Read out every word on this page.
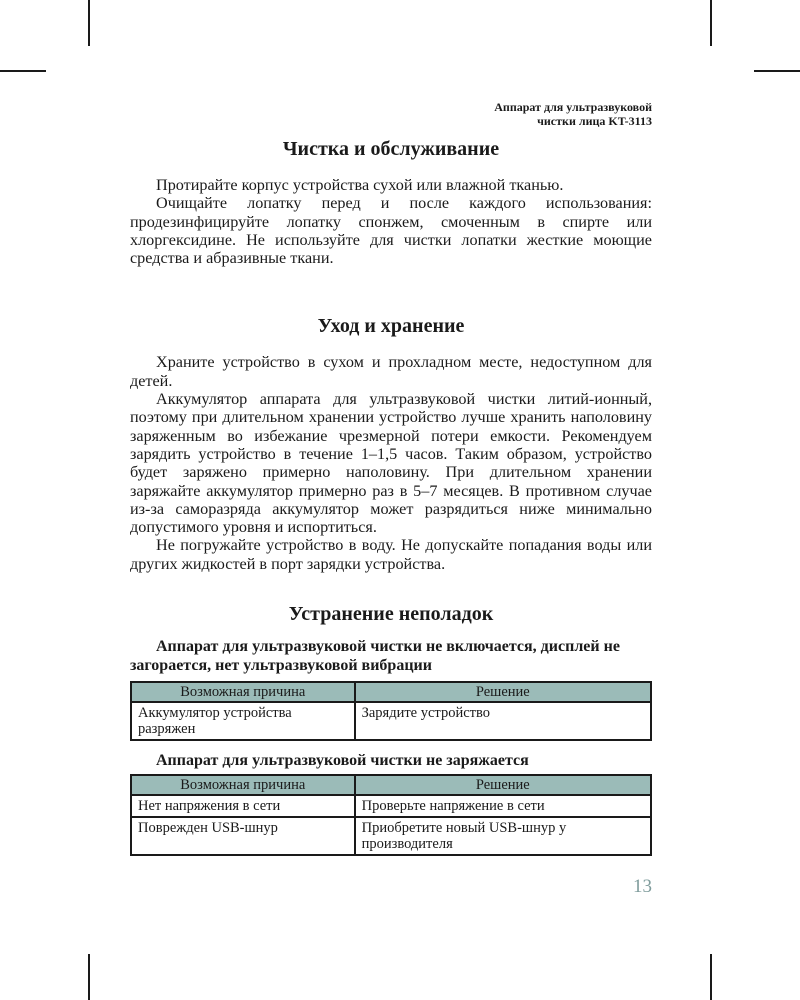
Аппарат для ультразвуковой
чистки лица KT-3113
Чистка и обслуживание

Протирайте корпус устройства сухой или влажной тканью.

Очищайте лопатку перед и после каждого использования: продезинфицируйте лопатку спонжем, смоченным в спирте или хлоргексидине. Не используйте для чистки лопатки жесткие моющие средства и абразивные ткани.

Уход и хранение

Храните устройство в сухом и прохладном месте, недоступном для детей.

Аккумулятор аппарата для ультразвуковой чистки литий-ионный, поэтому при длительном хранении устройство лучше хранить наполовину заряженным во избежание чрезмерной потери емкости. Рекомендуем зарядить устройство в течение 1–1,5 часов. Таким образом, устройство будет заряжено примерно наполовину. При длительном хранении заряжайте аккумулятор примерно раз в 5–7 месяцев. В противном случае из-за саморазряда аккумулятор может разрядиться ниже минимально допустимого уровня и испортиться.

Не погружайте устройство в воду. Не допускайте попадания воды или других жидкостей в порт зарядки устройства.

Устранение неполадок

Аппарат для ультразвуковой чистки не включается, дисплей не загорается, нет ультразвуковой вибрации

Возможная причина	Решение
Аккумулятор устройства разряжен	Зарядите устройство

Аппарат для ультразвуковой чистки не заряжается

Возможная причина	Решение
Нет напряжения в сети	Проверьте напряжение в сети
Поврежден USB-шнур	Приобретите новый USB-шнур у производителя
13
